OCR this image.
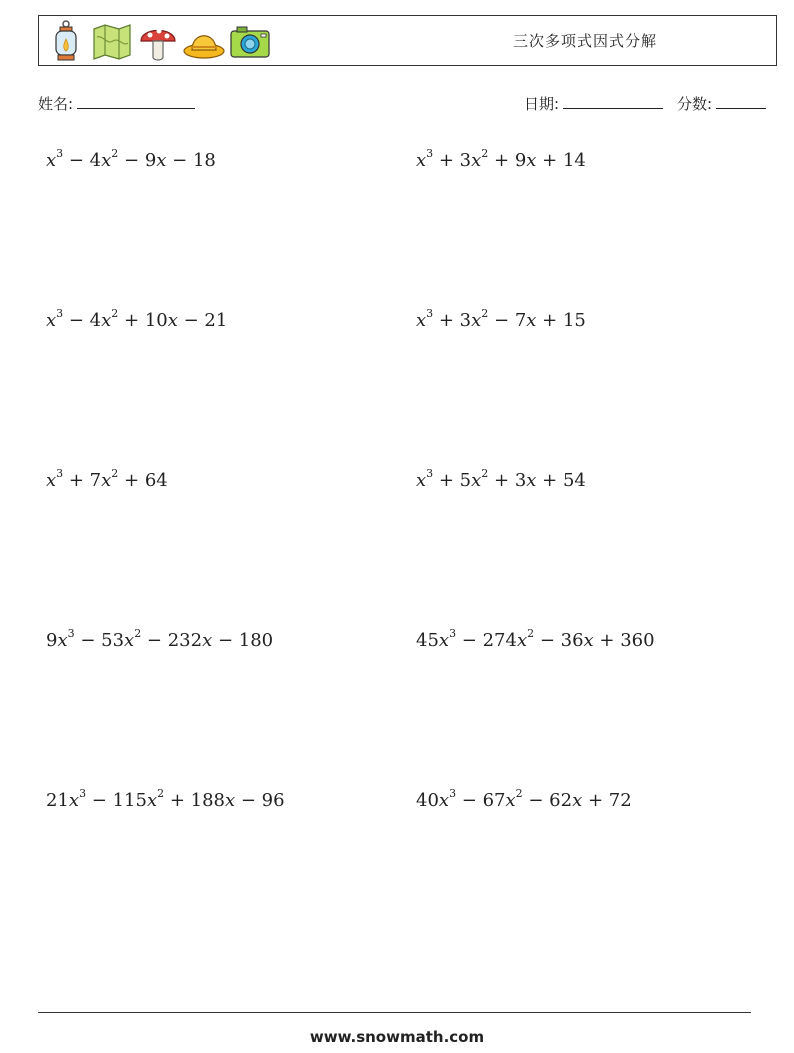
三次多项式因式分解
姓名:	日期:	分数:
$x^3 - 4x^2 - 9x - 18$	$x^3 + 3x^2 + 9x + 14$
$x^3 - 4x^2 + 10x - 21$	$x^3 + 3x^2 - 7x + 15$
$x^3 + 7x^2 + 64$	$x^3 + 5x^2 + 3x + 54$
$9x^3 - 53x^2 - 232x - 180$	$45x^3 - 274x^2 - 36x + 360$
$21x^3 - 115x^2 + 188x - 96$	$40x^3 - 67x^2 - 62x + 72$
www.snowmath.com
